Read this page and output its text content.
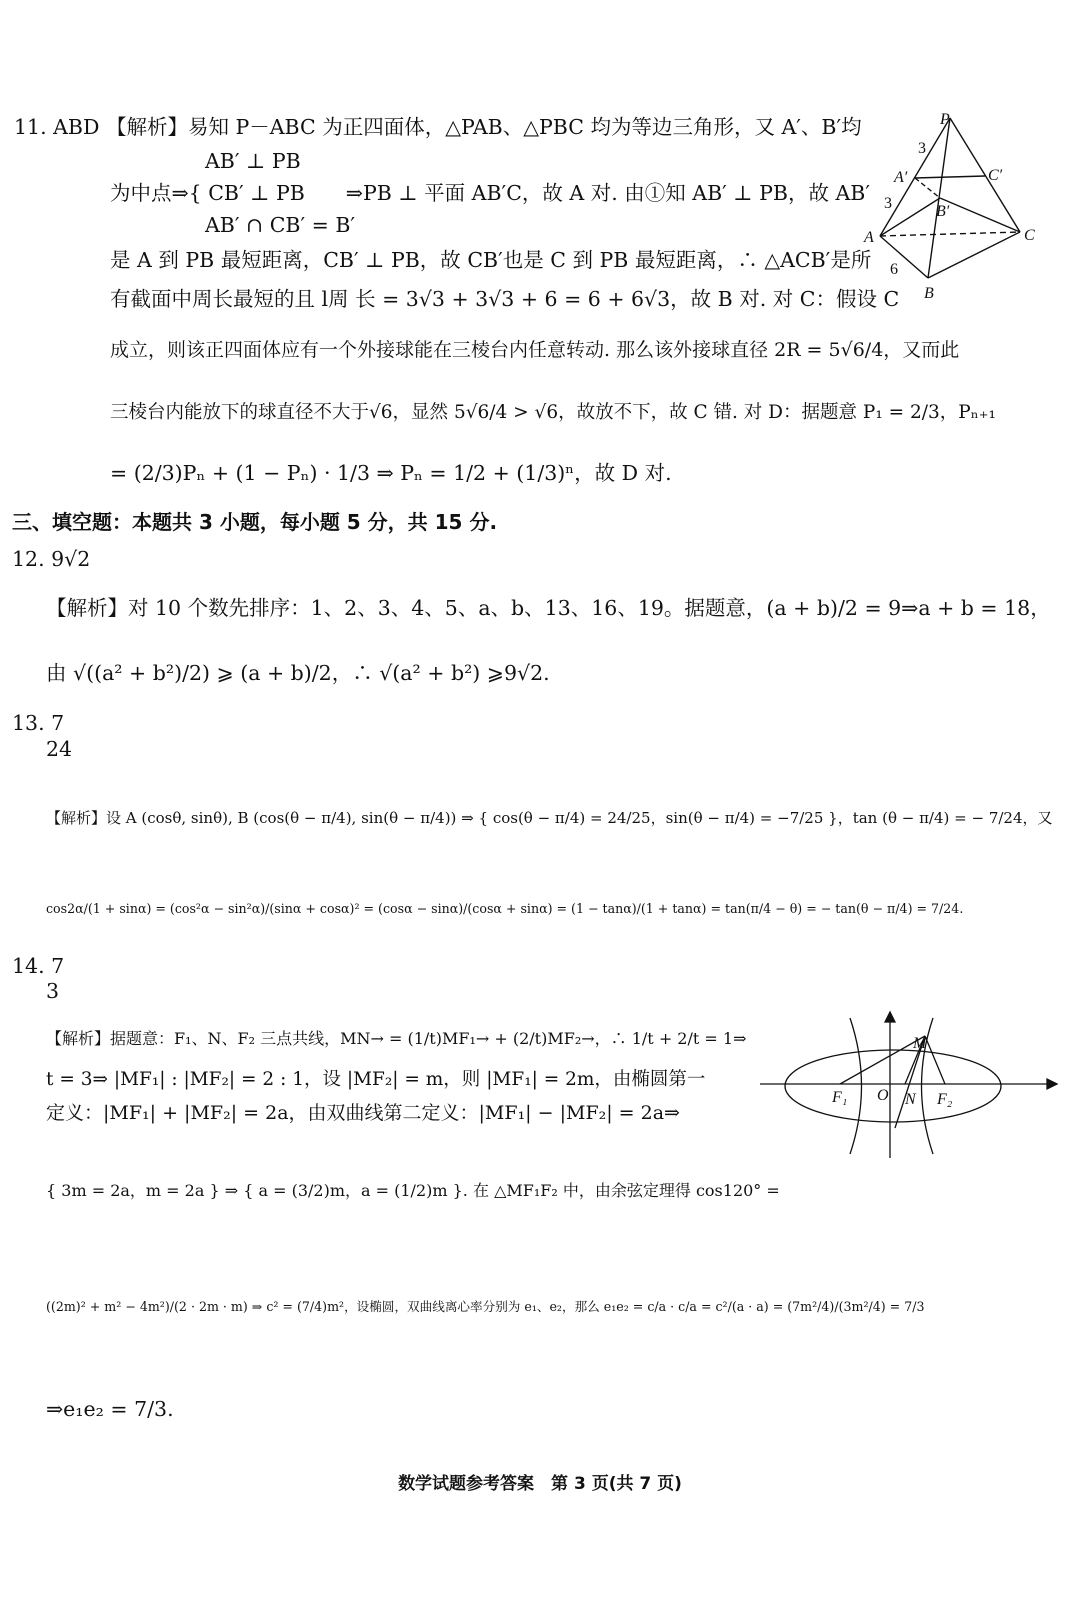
11. ABD 【解析】易知 P－ABC 为正四面体，△PAB、△PBC 均为等边三角形，又 A′、B′均
AB′ ⊥ PB
为中点⇒{ CB′ ⊥ PB　　⇒PB ⊥ 平面 AB′C，故 A 对. 由①知 AB′ ⊥ PB，故 AB′
AB′ ∩ CB′ = B′
是 A 到 PB 最短距离，CB′ ⊥ PB，故 CB′也是 C 到 PB 最短距离，∴ △ACB′是所
有截面中周长最短的且 l周 长 = 3√3 + 3√3 + 6 = 6 + 6√3，故 B 对. 对 C：假设 C
成立，则该正四面体应有一个外接球能在三棱台内任意转动. 那么该外接球直径 2R = 5√6/4，又而此
三棱台内能放下的球直径不大于√6，显然 5√6/4 > √6，故放不下，故 C 错. 对 D：据题意 P₁ = 2/3，Pₙ₊₁
= (2/3)Pₙ + (1 − Pₙ) · 1/3 ⇒ Pₙ = 1/2 + (1/3)ⁿ，故 D 对.
P
3
A′	C′
3	B′
A	C
6
B
三、填空题：本题共 3 小题，每小题 5 分，共 15 分.
12. 9√2
【解析】对 10 个数先排序：1、2、3、4、5、a、b、13、16、19。据题意，(a + b)/2 = 9⇒a + b = 18，
由 √((a² + b²)/2) ⩾ (a + b)/2，∴ √(a² + b²) ⩾9√2.
13. 7
24
【解析】设 A (cosθ, sinθ), B (cos(θ − π/4), sin(θ − π/4)) ⇒ { cos(θ − π/4) = 24/25，sin(θ − π/4) = −7/25 }，tan (θ − π/4) = − 7/24，又
cos2α/(1 + sinα) = (cos²α − sin²α)/(sinα + cosα)² = (cosα − sinα)/(cosα + sinα) = (1 − tanα)/(1 + tanα) = tan(π/4 − θ) = − tan(θ − π/4) = 7/24.
14. 7
3
【解析】据题意：F₁、N、F₂ 三点共线，MN→ = (1/t)MF₁→ + (2/t)MF₂→，∴ 1/t + 2/t = 1⇒
t = 3⇒ |MF₁| : |MF₂| = 2 : 1，设 |MF₂| = m，则 |MF₁| = 2m，由椭圆第一
定义：|MF₁| + |MF₂| = 2a，由双曲线第二定义：|MF₁| − |MF₂| = 2a⇒
{ 3m = 2a，m = 2a } ⇒ { a = (3/2)m，a = (1/2)m }. 在 △MF₁F₂ 中，由余弦定理得 cos120° =
((2m)² + m² − 4m²)/(2 · 2m · m) ⇒ c² = (7/4)m²，设椭圆，双曲线离心率分别为 e₁、e₂，那么 e₁e₂ = c/a · c/a = c²/(a · a) = (7m²/4)/(3m²/4) = 7/3
⇒e₁e₂ = 7/3.
M
F₁ O N F₂
数学试题参考答案　第 3 页(共 7 页)
